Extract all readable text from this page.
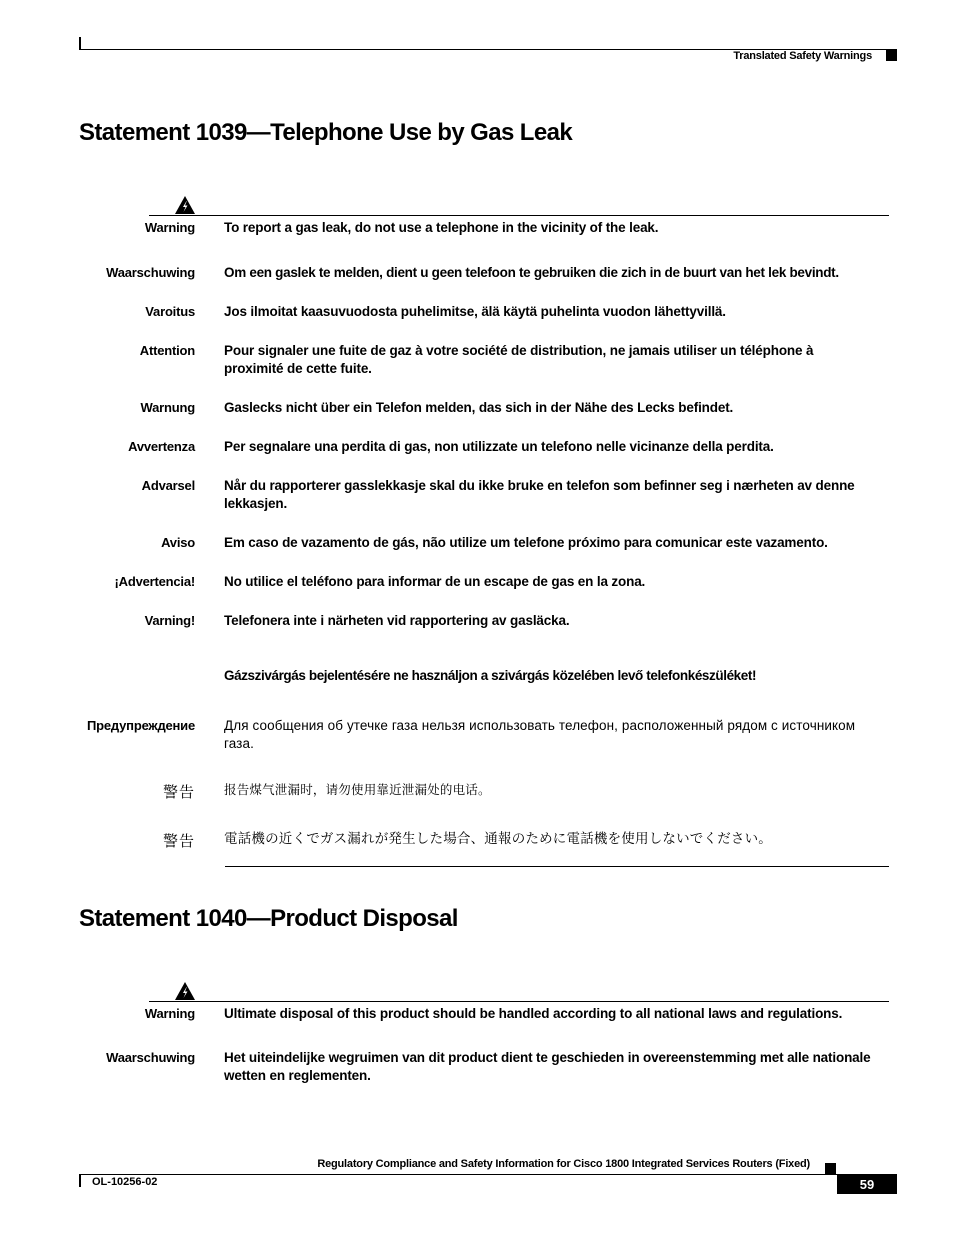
Translated Safety Warnings
Statement 1039—Telephone Use by Gas Leak
Warning To report a gas leak, do not use a telephone in the vicinity of the leak.
Waarschuwing Om een gaslek te melden, dient u geen telefoon te gebruiken die zich in de buurt van het lek bevindt.
Varoitus Jos ilmoitat kaasuvuodosta puhelimitse, älä käytä puhelinta vuodon lähettyvillä.
Attention Pour signaler une fuite de gaz à votre société de distribution, ne jamais utiliser un téléphone à proximité de cette fuite.
Warnung Gaslecks nicht über ein Telefon melden, das sich in der Nähe des Lecks befindet.
Avvertenza Per segnalare una perdita di gas, non utilizzate un telefono nelle vicinanze della perdita.
Advarsel Når du rapporterer gasslekkasje skal du ikke bruke en telefon som befinner seg i nærheten av denne lekkasjen.
Aviso Em caso de vazamento de gás, não utilize um telefone próximo para comunicar este vazamento.
¡Advertencia! No utilice el teléfono para informar de un escape de gas en la zona.
Varning! Telefonera inte i närheten vid rapportering av gasläcka.
Gázszivárgás bejelentésére ne használjon a szivárgás közelében levő telefonkészüléket!
Предупреждение Для сообщения об утечке газа нельзя использовать телефон, расположенный рядом с источником газа.
警告 报告煤气泄漏时，请勿使用靠近泄漏处的电话。
警告 電話機の近くでガス漏れが発生した場合、通報のために電話機を使用しないでください。
Statement 1040—Product Disposal
Warning Ultimate disposal of this product should be handled according to all national laws and regulations.
Waarschuwing Het uiteindelijke wegruimen van dit product dient te geschieden in overeenstemming met alle nationale wetten en reglementen.
Regulatory Compliance and Safety Information for Cisco 1800 Integrated Services Routers (Fixed)
OL-10256-02	59
